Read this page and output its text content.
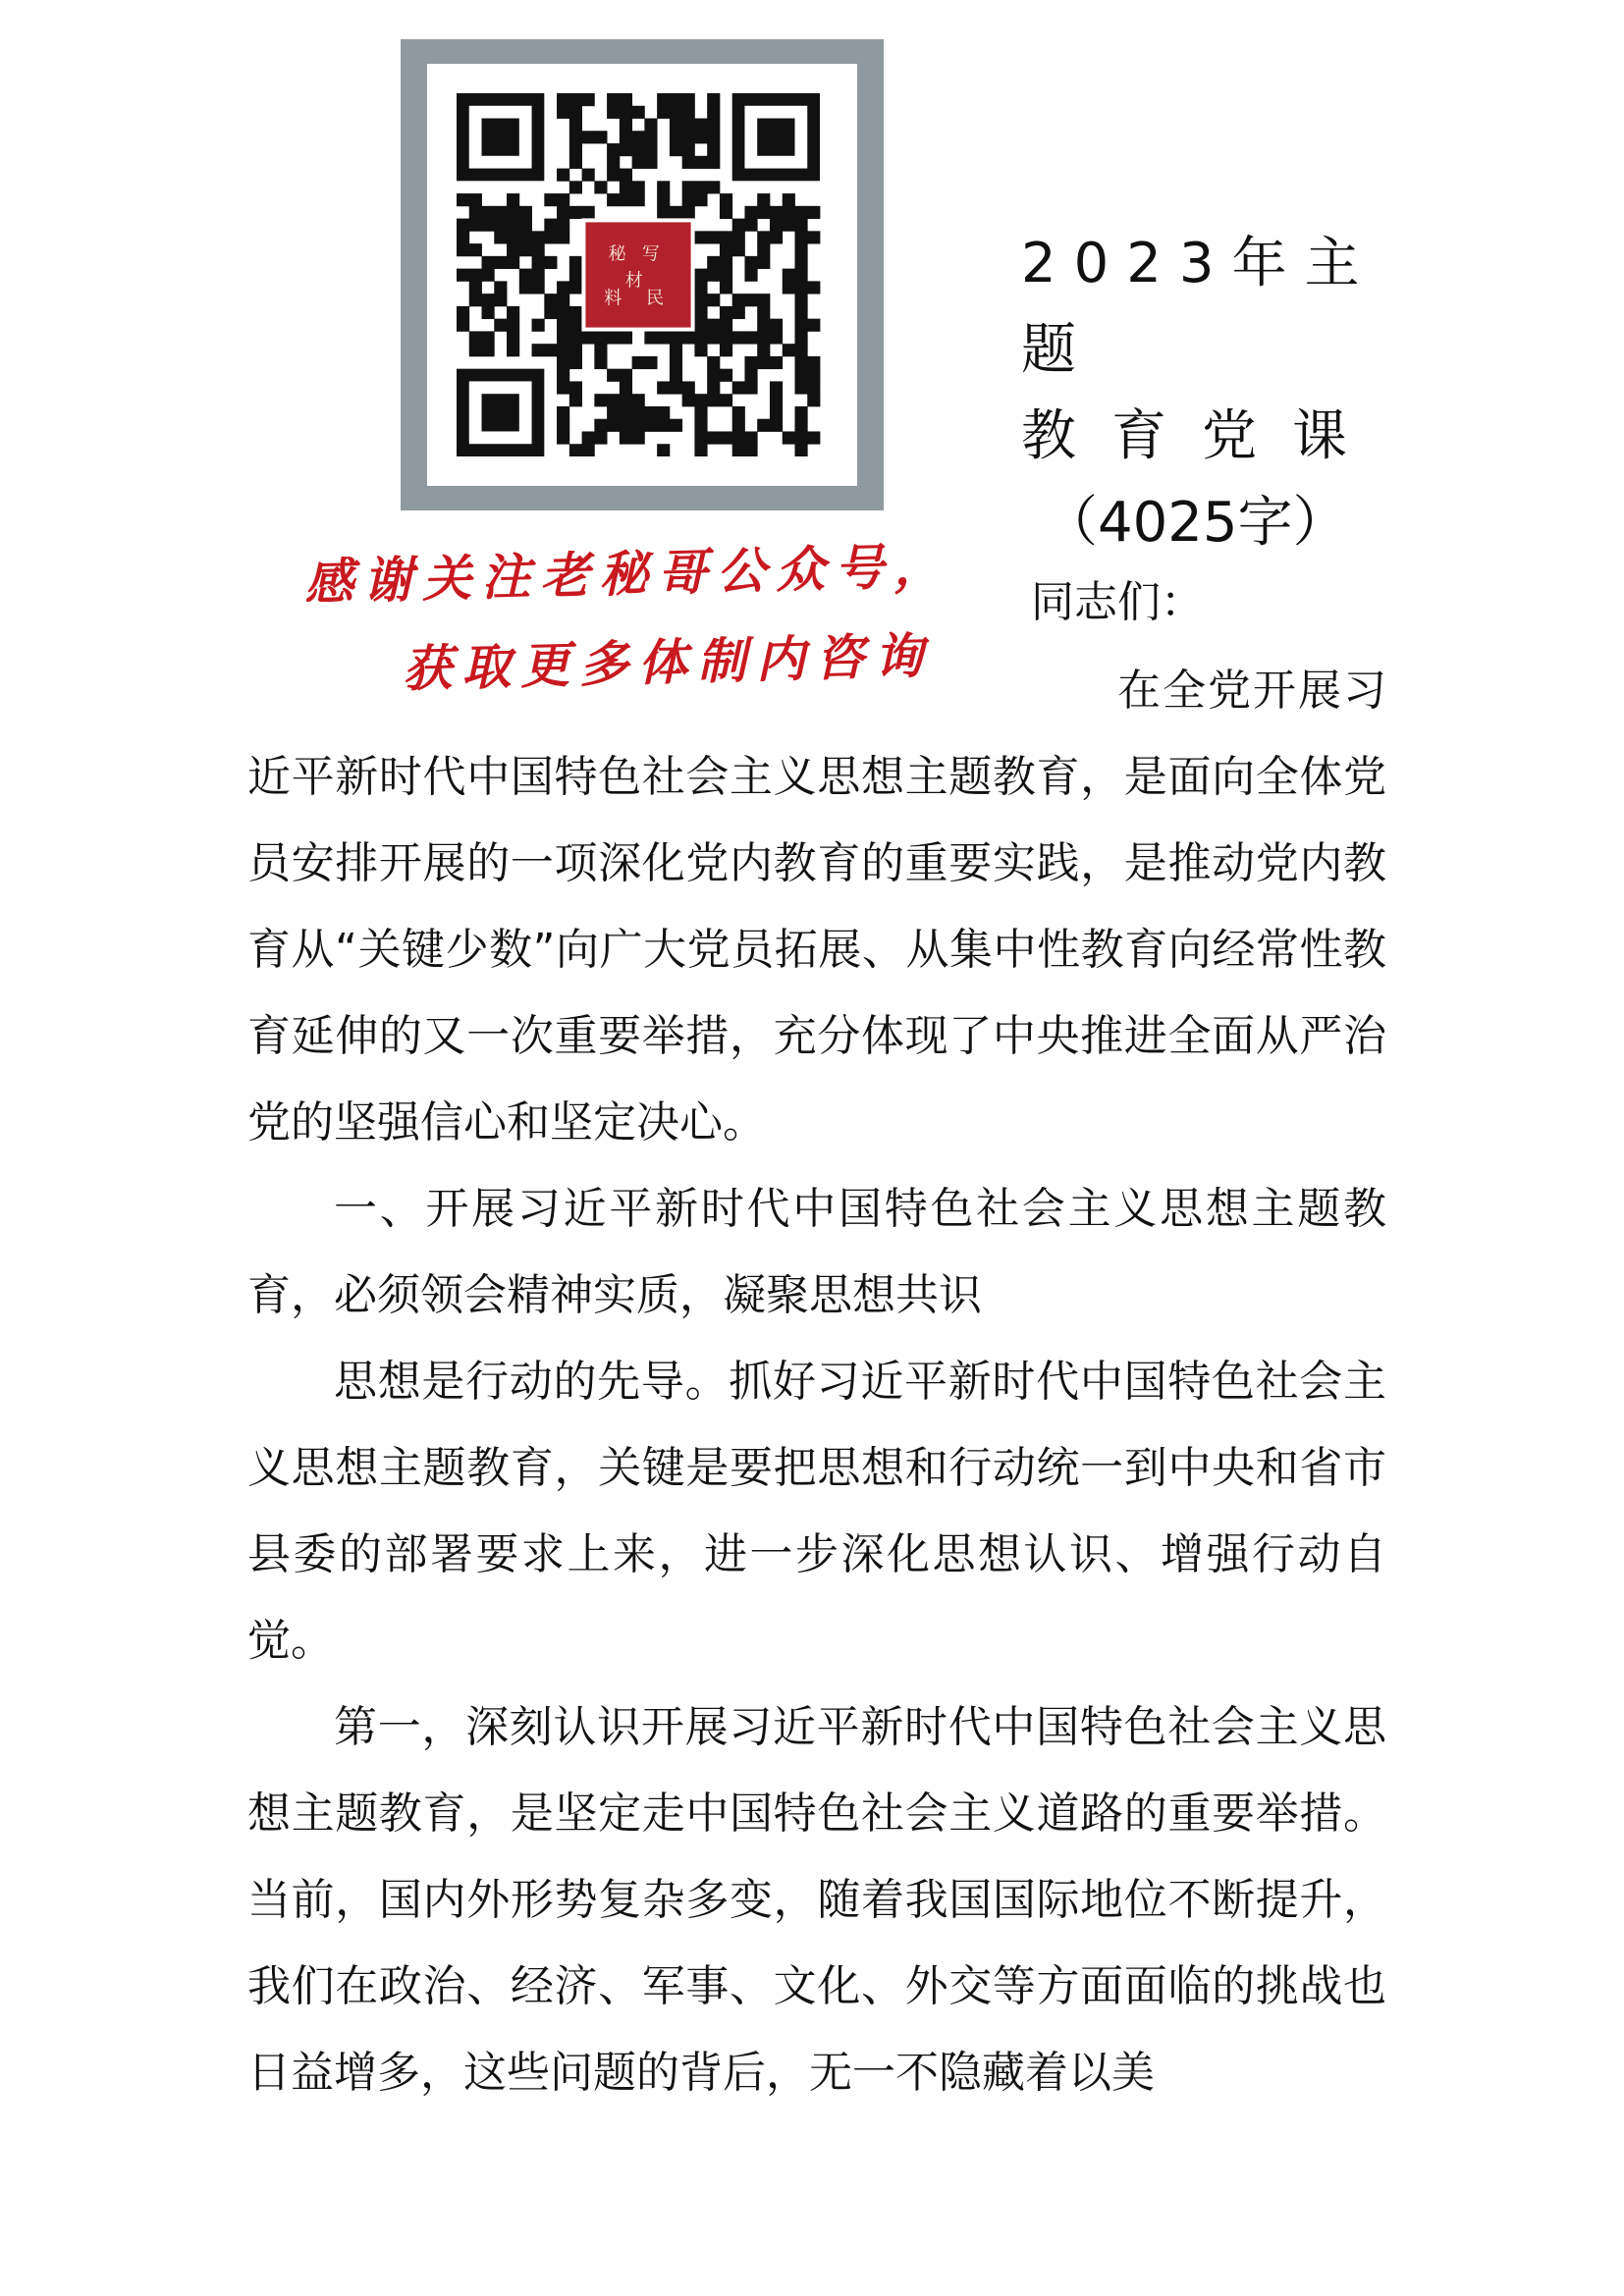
秘 写
材
料 民
感谢关注老秘哥公众号，
获取更多体制内咨询
2023年主题
教育党课
（4025字）
同志们：

在全党开展习近平新时代中国特色社会主义思想主题教育，是面向全体党员安排开展的一项深化党内教育的重要实践，是推动党内教育从“关键少数”向广大党员拓展、从集中性教育向经常性教育延伸的又一次重要举措，充分体现了中央推进全面从严治党的坚强信心和坚定决心。

一、开展习近平新时代中国特色社会主义思想主题教育，必须领会精神实质，凝聚思想共识

思想是行动的先导。抓好习近平新时代中国特色社会主义思想主题教育，关键是要把思想和行动统一到中央和省市县委的部署要求上来，进一步深化思想认识、增强行动自觉。

第一，深刻认识开展习近平新时代中国特色社会主义思想主题教育，是坚定走中国特色社会主义道路的重要举措。当前，国内外形势复杂多变，随着我国国际地位不断提升，我们在政治、经济、军事、文化、外交等方面面临的挑战也日益增多，这些问题的背后，无一不隐藏着以美
